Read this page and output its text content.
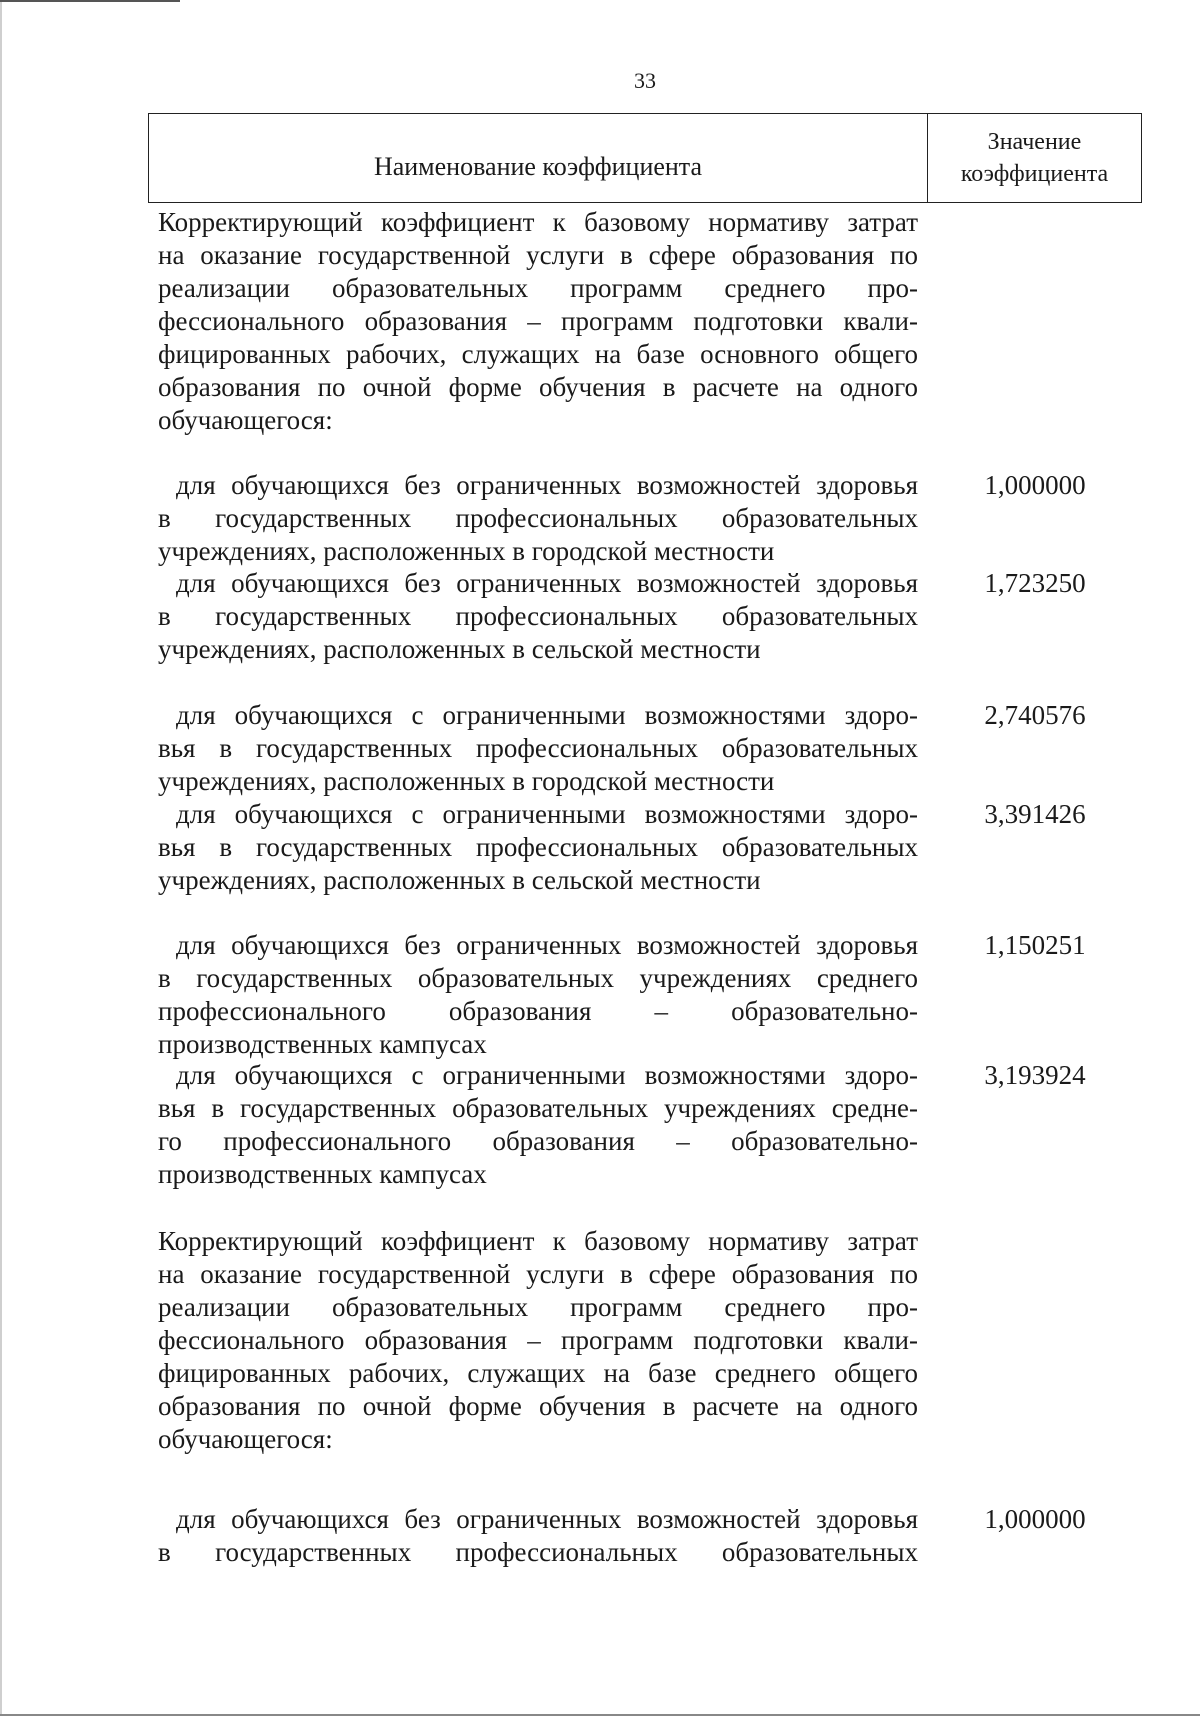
33
Наименование коэффициента
Значение
коэффициента
Корректирующий коэффициент к базовому нормативу затрат
на оказание государственной услуги в сфере образования по
реализации образовательных программ среднего про-
фессионального образования – программ подготовки квали-
фицированных рабочих, служащих на базе основного общего
образования по очной форме обучения в расчете на одного
обучающегося:
для обучающихся без ограниченных возможностей здоровья
в государственных профессиональных образовательных
учреждениях, расположенных в городской местности
1,000000
для обучающихся без ограниченных возможностей здоровья
в государственных профессиональных образовательных
учреждениях, расположенных в сельской местности
1,723250
для обучающихся с ограниченными возможностями здоро-
вья в государственных профессиональных образовательных
учреждениях, расположенных в городской местности
2,740576
для обучающихся с ограниченными возможностями здоро-
вья в государственных профессиональных образовательных
учреждениях, расположенных в сельской местности
3,391426
для обучающихся без ограниченных возможностей здоровья
в государственных образовательных учреждениях среднего
профессионального образования – образовательно-
производственных кампусах
1,150251
для обучающихся с ограниченными возможностями здоро-
вья в государственных образовательных учреждениях средне-
го профессионального образования – образовательно-
производственных кампусах
3,193924
Корректирующий коэффициент к базовому нормативу затрат
на оказание государственной услуги в сфере образования по
реализации образовательных программ среднего про-
фессионального образования – программ подготовки квали-
фицированных рабочих, служащих на базе среднего общего
образования по очной форме обучения в расчете на одного
обучающегося:
для обучающихся без ограниченных возможностей здоровья
в государственных профессиональных образовательных
1,000000
